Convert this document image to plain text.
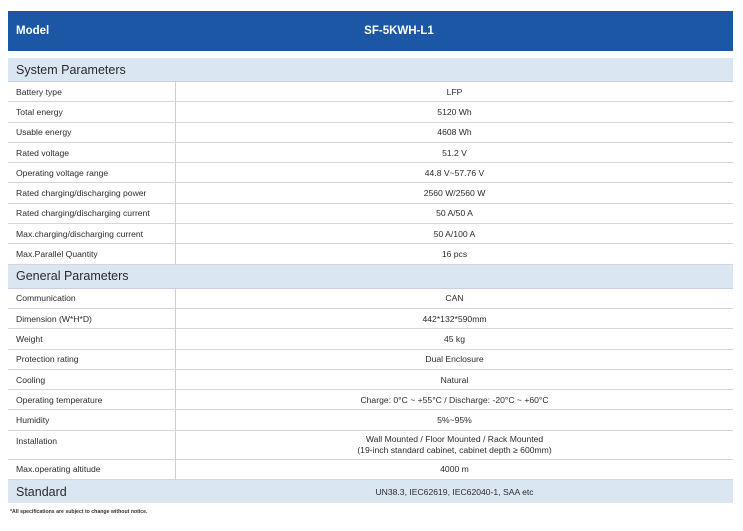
Model	SF-5KWH-L1
System Parameters
Battery type	LFP
Total energy	5120 Wh
Usable energy	4608 Wh
Rated voltage	51.2 V
Operating voltage range	44.8 V~57.76 V
Rated charging/discharging power	2560 W/2560 W
Rated charging/discharging current	50 A/50 A
Max.charging/discharging current	50 A/100 A
Max.Parallel Quantity	16 pcs
General Parameters
Communication	CAN
Dimension (W*H*D)	442*132*590mm
Weight	45 kg
Protection rating	Dual Enclosure
Cooling	Natural
Operating temperature	Charge: 0°C ~ +55°C / Discharge: -20°C ~ +60°C
Humidity	5%~95%
Installation	Wall Mounted / Floor Mounted / Rack Mounted
(19-inch standard cabinet, cabinet depth ≥ 600mm)
Max.operating altitude	4000 m
Standard	UN38.3, IEC62619, IEC62040-1, SAA etc
*All specifications are subject to change without notice.
